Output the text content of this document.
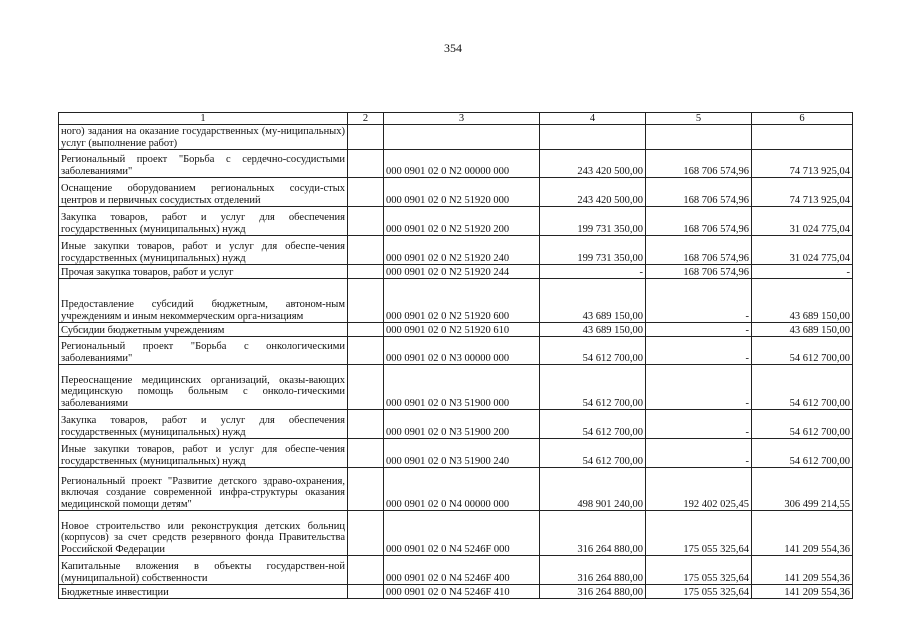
354
1	2	3	4	5	6
ного) задания на оказание государственных (му-ниципальных) услуг (выполнение работ)					
Региональный проект "Борьба с сердечно-сосудистыми заболеваниями"		000 0901 02 0 N2 00000 000	243 420 500,00	168 706 574,96	74 713 925,04
Оснащение оборудованием региональных сосуди-стых центров и первичных сосудистых отделений		000 0901 02 0 N2 51920 000	243 420 500,00	168 706 574,96	74 713 925,04
Закупка товаров, работ и услуг для обеспечения государственных (муниципальных) нужд		000 0901 02 0 N2 51920 200	199 731 350,00	168 706 574,96	31 024 775,04
Иные закупки товаров, работ и услуг для обеспе-чения государственных (муниципальных) нужд		000 0901 02 0 N2 51920 240	199 731 350,00	168 706 574,96	31 024 775,04
Прочая закупка товаров, работ и услуг		000 0901 02 0 N2 51920 244	-	168 706 574,96	-
Предоставление субсидий бюджетным, автоном-ным учреждениям и иным некоммерческим орга-низациям		000 0901 02 0 N2 51920 600	43 689 150,00	-	43 689 150,00
Субсидии бюджетным учреждениям		000 0901 02 0 N2 51920 610	43 689 150,00	-	43 689 150,00
Региональный проект "Борьба с онкологическими заболеваниями"		000 0901 02 0 N3 00000 000	54 612 700,00	-	54 612 700,00
Переоснащение медицинских организаций, оказы-вающих медицинскую помощь больным с онколо-гическими заболеваниями		000 0901 02 0 N3 51900 000	54 612 700,00	-	54 612 700,00
Закупка товаров, работ и услуг для обеспечения государственных (муниципальных) нужд		000 0901 02 0 N3 51900 200	54 612 700,00	-	54 612 700,00
Иные закупки товаров, работ и услуг для обеспе-чения государственных (муниципальных) нужд		000 0901 02 0 N3 51900 240	54 612 700,00	-	54 612 700,00
Региональный проект "Развитие детского здраво-охранения, включая создание современной инфра-структуры оказания медицинской помощи детям"		000 0901 02 0 N4 00000 000	498 901 240,00	192 402 025,45	306 499 214,55
Новое строительство или реконструкция детских больниц (корпусов) за счет средств резервного фонда Правительства Российской Федерации		000 0901 02 0 N4 5246F 000	316 264 880,00	175 055 325,64	141 209 554,36
Капитальные вложения в объекты государствен-ной (муниципальной) собственности		000 0901 02 0 N4 5246F 400	316 264 880,00	175 055 325,64	141 209 554,36
Бюджетные инвестиции		000 0901 02 0 N4 5246F 410	316 264 880,00	175 055 325,64	141 209 554,36
